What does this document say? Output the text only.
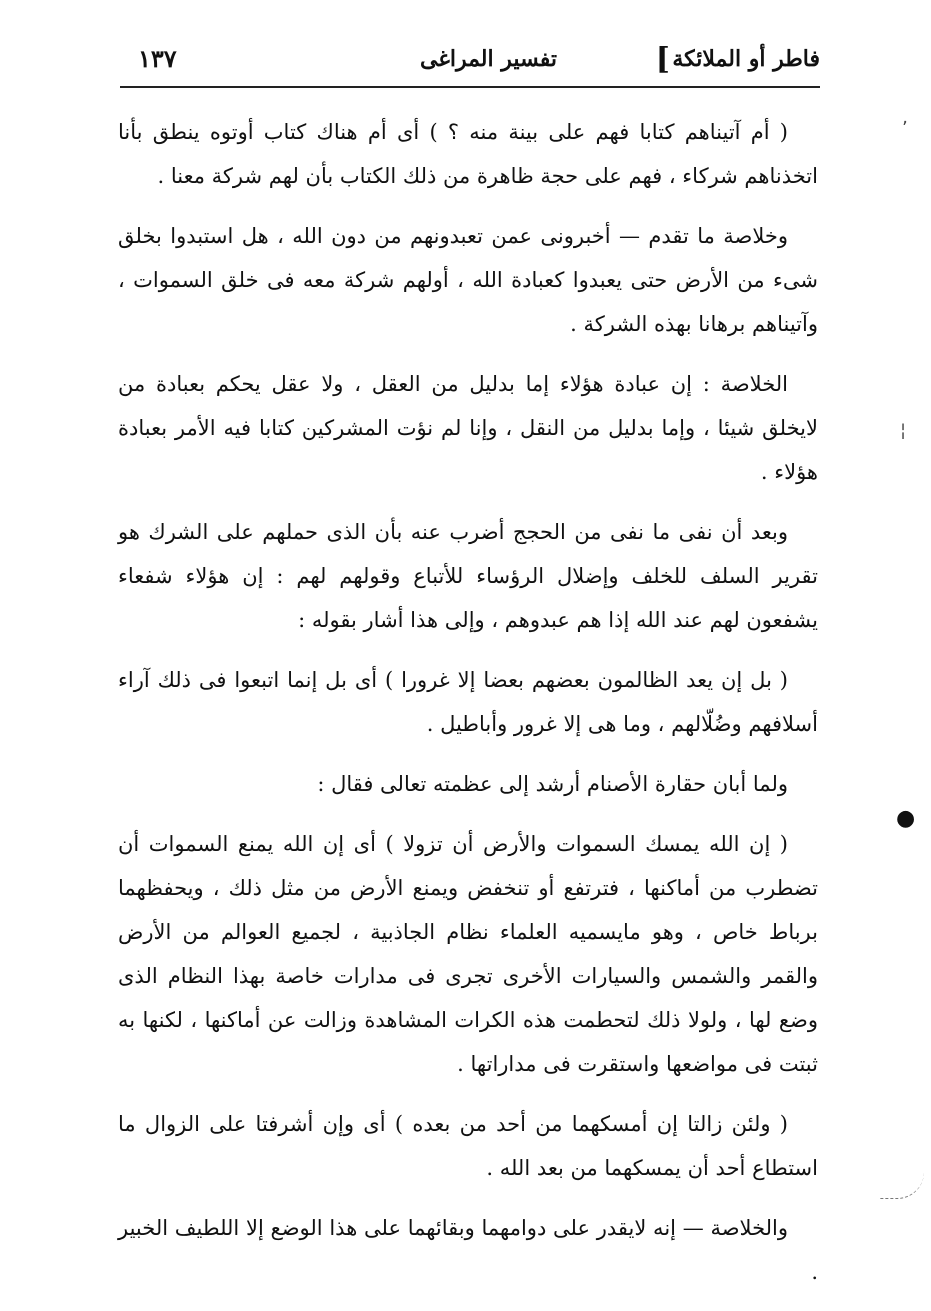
فاطر أو الملائكة
]
تفسير المراغى
١٣٧

( أم آتيناهم كتابا فهم على بينة منه ؟ ) أى أم هناك كتاب أوتوه ينطق بأنا اتخذناهم شركاء ، فهم على حجة ظاهرة من ذلك الكتاب بأن لهم شركة معنا .

وخلاصة ما تقدم — أخبرونى عمن تعبدونهم من دون الله ، هل استبدوا بخلق شىء من الأرض حتى يعبدوا كعبادة الله ، أولهم شركة معه فى خلق السموات ، وآتيناهم برهانا بهذه الشركة .

الخلاصة : إن عبادة هؤلاء إما بدليل من العقل ، ولا عقل يحكم بعبادة من لايخلق شيئا ، وإما بدليل من النقل ، وإنا لم نؤت المشركين كتابا فيه الأمر بعبادة هؤلاء .

وبعد أن نفى ما نفى من الحجج أضرب عنه بأن الذى حملهم على الشرك هو تقرير السلف للخلف وإضلال الرؤساء للأتباع وقولهم لهم : إن هؤلاء شفعاء يشفعون لهم عند الله إذا هم عبدوهم ، وإلى هذا أشار بقوله :

( بل إن يعد الظالمون بعضهم بعضا إلا غرورا ) أى بل إنما اتبعوا فى ذلك آراء أسلافهم وضُلّالهم ، وما هى إلا غرور وأباطيل .

ولما أبان حقارة الأصنام أرشد إلى عظمته تعالى فقال :

( إن الله يمسك السموات والأرض أن تزولا ) أى إن الله يمنع السموات أن تضطرب من أماكنها ، فترتفع أو تنخفض ويمنع الأرض من مثل ذلك ، ويحفظهما برباط خاص ، وهو مايسميه العلماء نظام الجاذبية ، لجميع العوالم من الأرض والقمر والشمس والسيارات الأخرى تجرى فى مدارات خاصة بهذا النظام الذى وضع لها ، ولولا ذلك لتحطمت هذه الكرات المشاهدة وزالت عن أماكنها ، لكنها به ثبتت فى مواضعها واستقرت فى مداراتها .

( ولئن زالتا إن أمسكهما من أحد من بعده ) أى وإن أشرفتا على الزوال ما استطاع أحد أن يمسكهما من بعد الله .

والخلاصة — إنه لايقدر على دوامهما وبقائهما على هذا الوضع إلا اللطيف الخبير .

٬
¦
●
